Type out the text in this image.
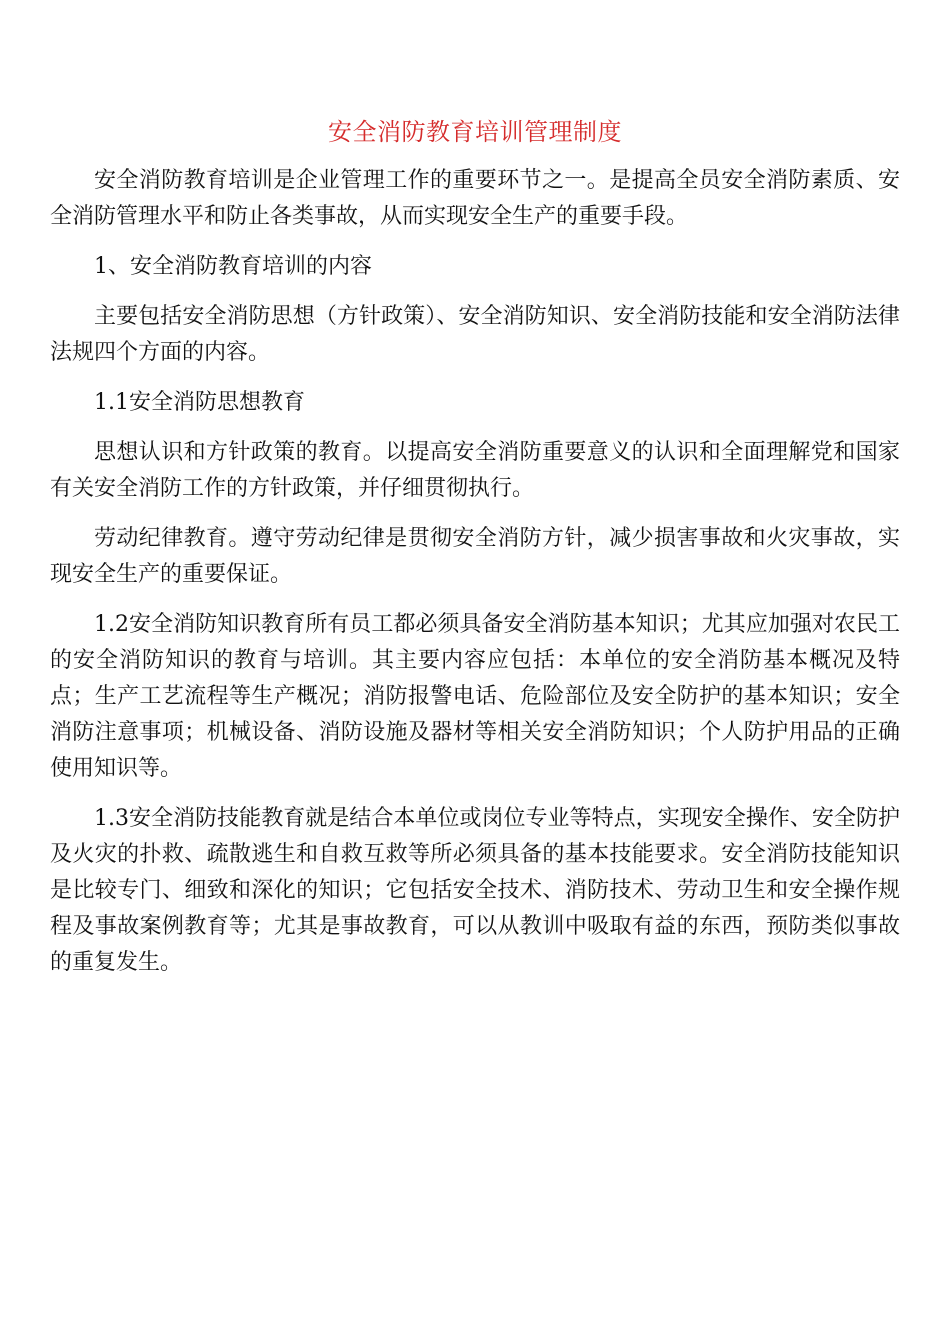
安全消防教育培训管理制度

安全消防教育培训是企业管理工作的重要环节之一。是提高全员安全消防素质、安全消防管理水平和防止各类事故，从而实现安全生产的重要手段。

1、安全消防教育培训的内容

主要包括安全消防思想（方针政策）、安全消防知识、安全消防技能和安全消防法律法规四个方面的内容。

1.1安全消防思想教育

思想认识和方针政策的教育。以提高安全消防重要意义的认识和全面理解党和国家有关安全消防工作的方针政策，并仔细贯彻执行。

劳动纪律教育。遵守劳动纪律是贯彻安全消防方针，减少损害事故和火灾事故，实现安全生产的重要保证。

1.2安全消防知识教育所有员工都必须具备安全消防基本知识；尤其应加强对农民工的安全消防知识的教育与培训。其主要内容应包括：本单位的安全消防基本概况及特点；生产工艺流程等生产概况；消防报警电话、危险部位及安全防护的基本知识；安全消防注意事项；机械设备、消防设施及器材等相关安全消防知识；个人防护用品的正确使用知识等。

1.3安全消防技能教育就是结合本单位或岗位专业等特点，实现安全操作、安全防护及火灾的扑救、疏散逃生和自救互救等所必须具备的基本技能要求。安全消防技能知识是比较专门、细致和深化的知识；它包括安全技术、消防技术、劳动卫生和安全操作规程及事故案例教育等；尤其是事故教育，可以从教训中吸取有益的东西，预防类似事故的重复发生。
